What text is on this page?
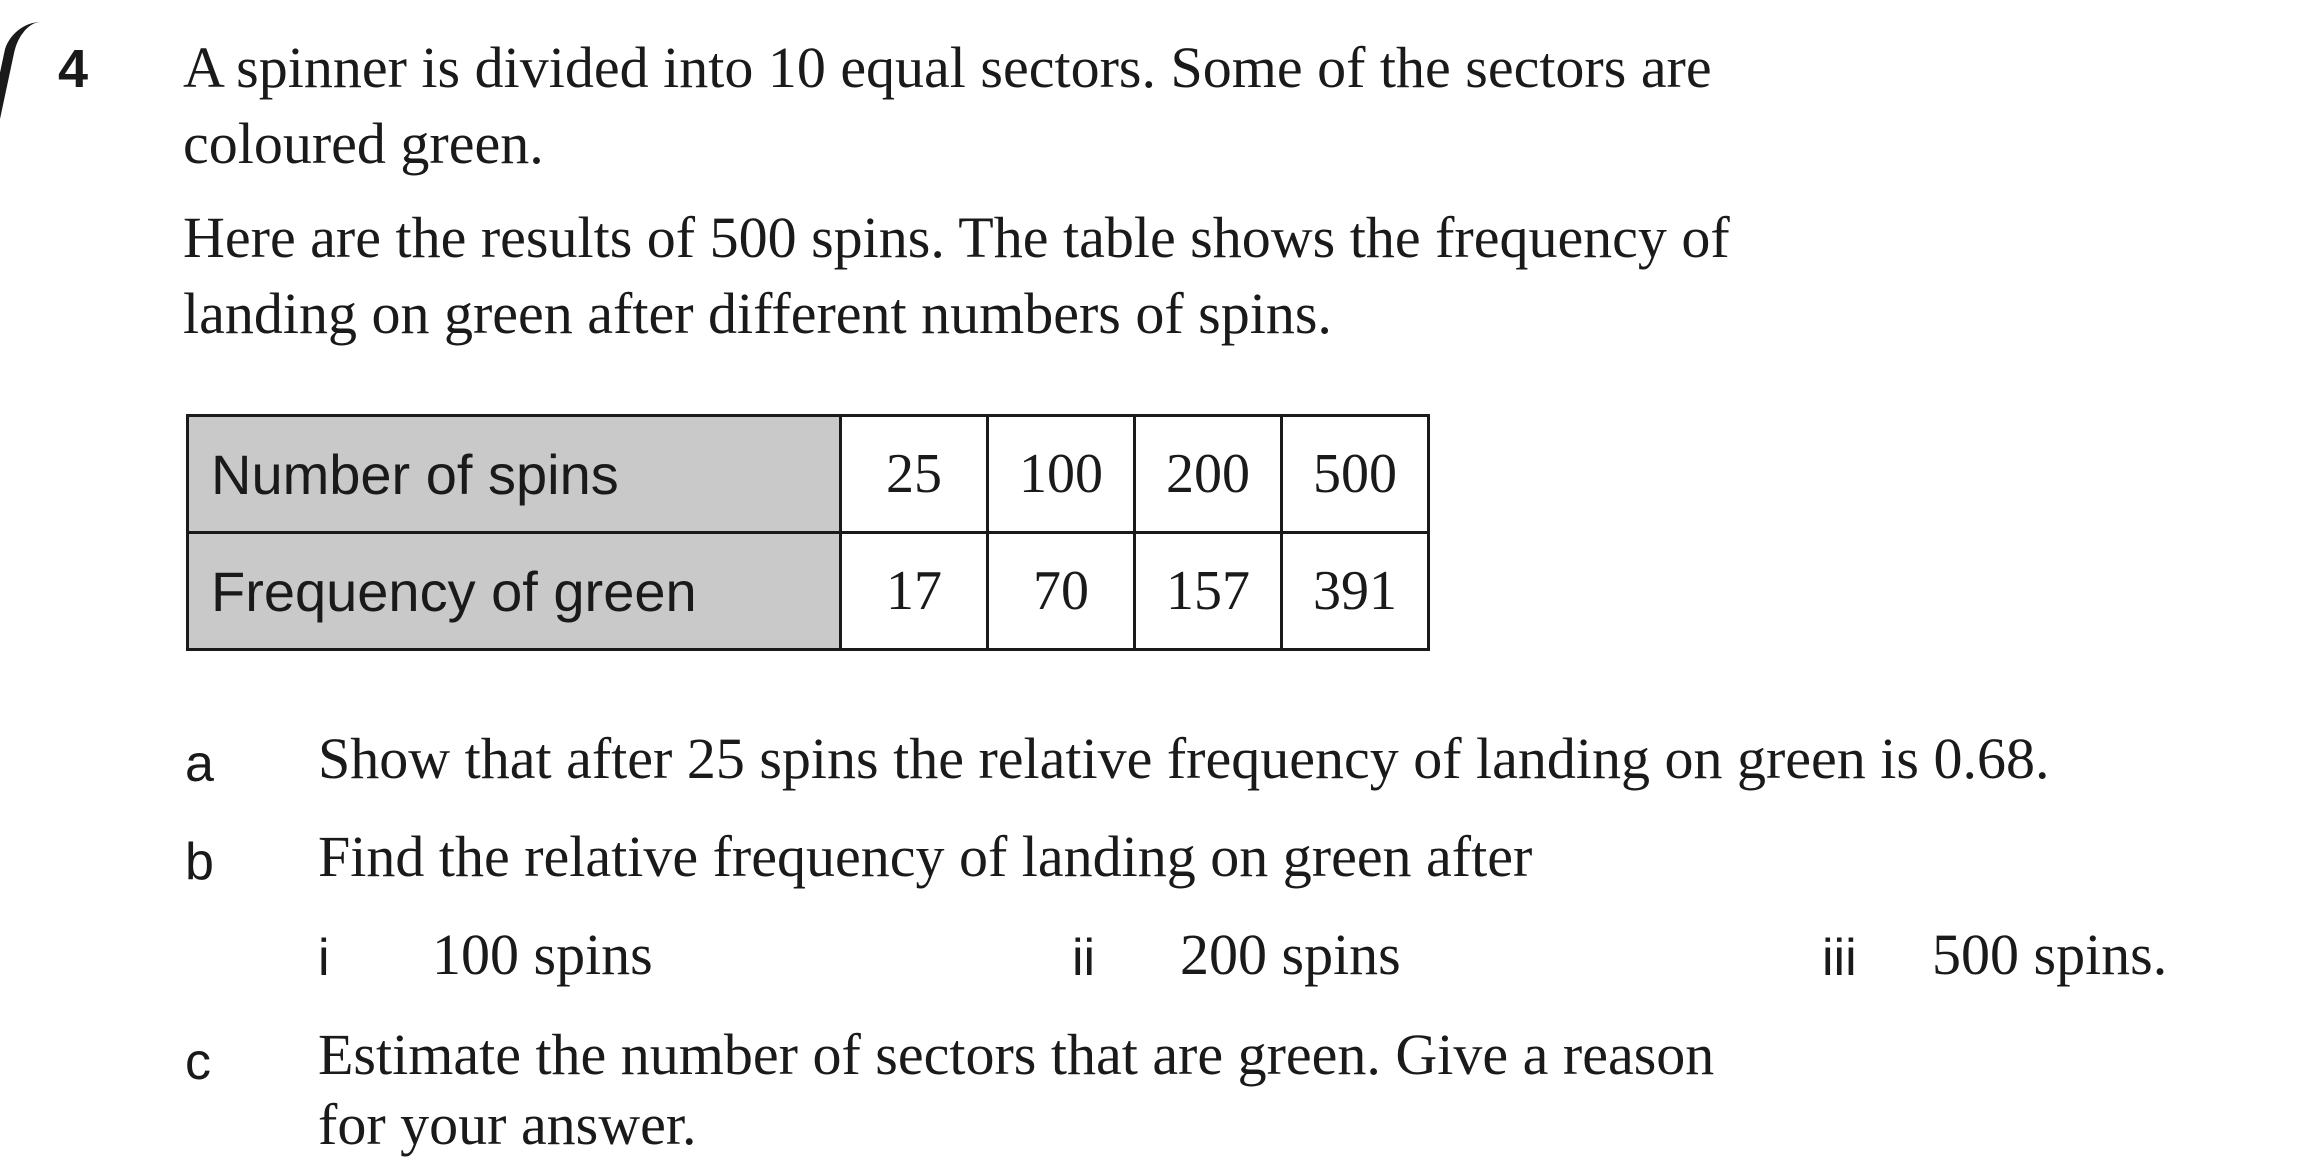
4 A spinner is divided into 10 equal sectors. Some of the sectors are
coloured green.
Here are the results of 500 spins. The table shows the frequency of
landing on green after different numbers of spins.
Number of spins	25	100	200	500
Frequency of green	17	70	157	391
a Show that after 25 spins the relative frequency of landing on green is 0.68.
b Find the relative frequency of landing on green after
i 100 spins	ii 200 spins	iii 500 spins.
c Estimate the number of sectors that are green. Give a reason
for your answer.
